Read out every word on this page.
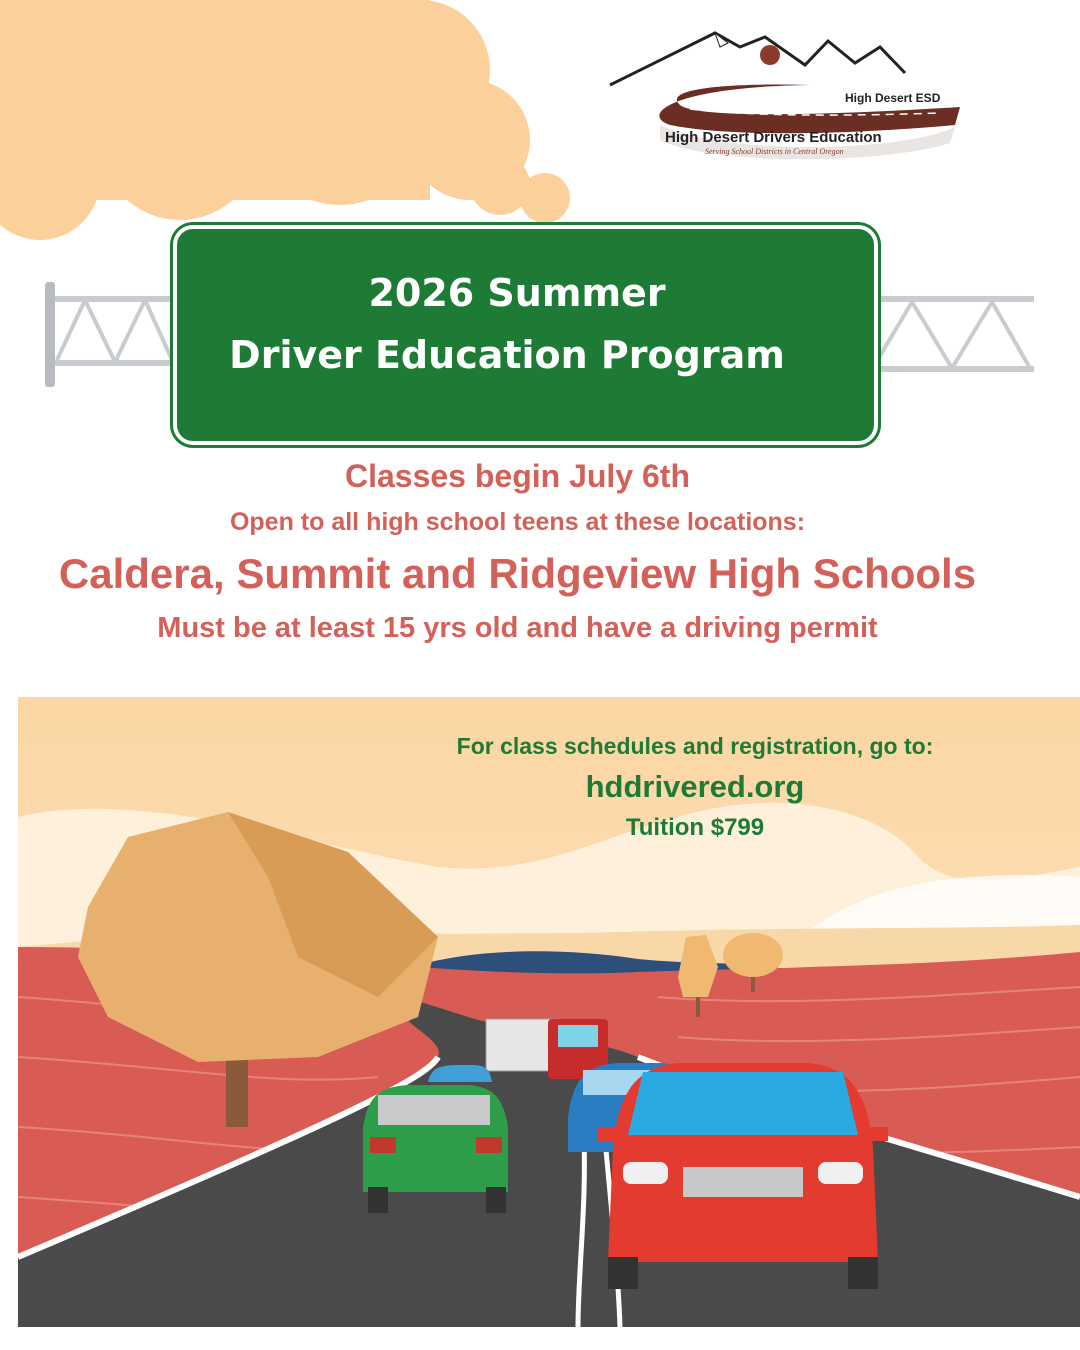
High Desert ESD
High Desert Drivers Education
Serving School Districts in Central Oregon
2026 Summer
Driver Education Program
Classes begin July 6th
Open to all high school teens at these locations:
Caldera, Summit and Ridgeview High Schools
Must be at least 15 yrs old and have a driving permit
For class schedules and registration, go to:
hddrivered.org
Tuition $799
